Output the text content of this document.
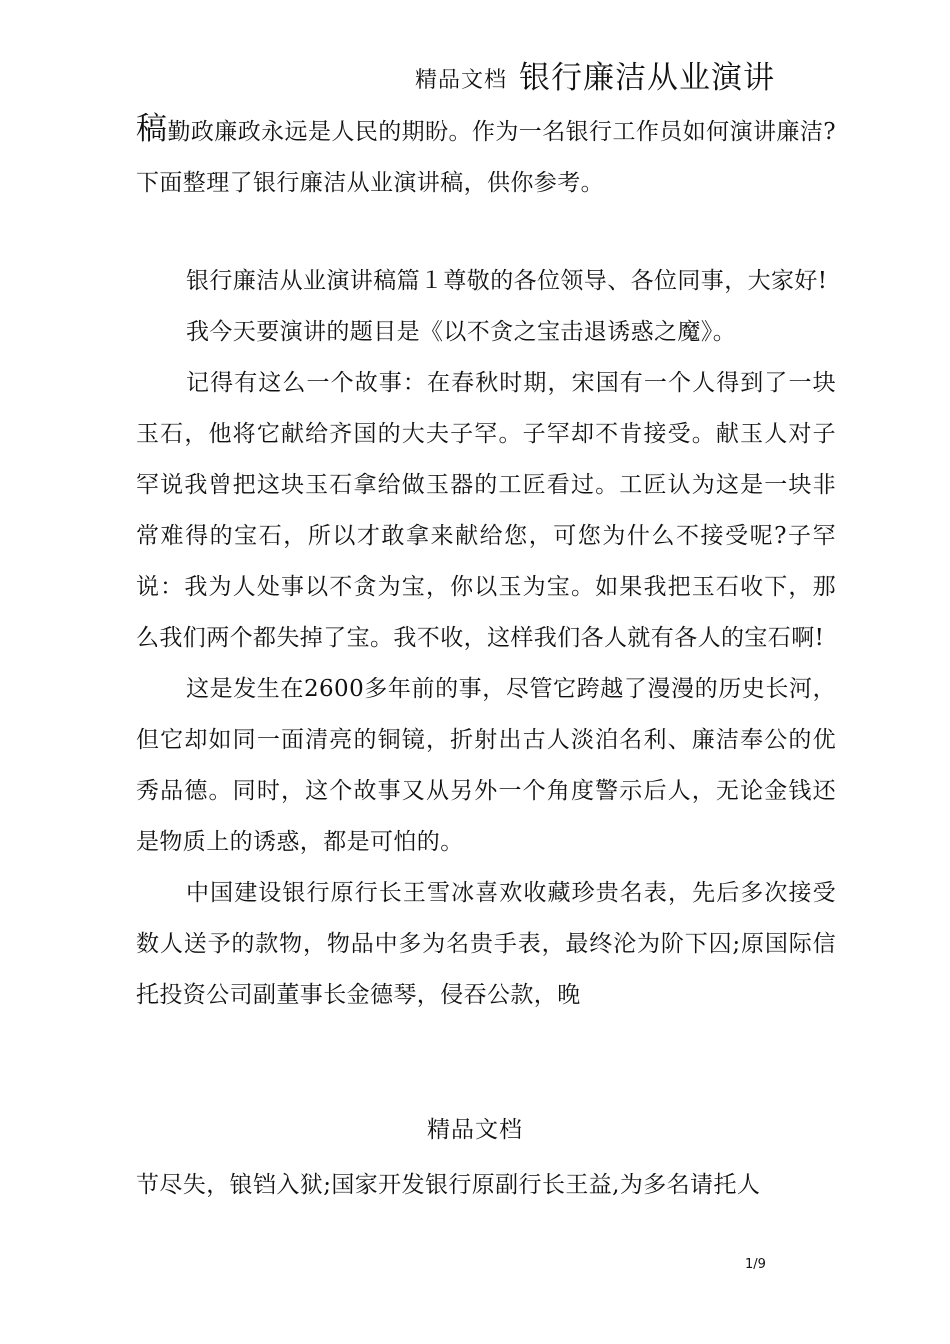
精品文档 银行廉洁从业演讲
稿勤政廉政永远是人民的期盼。作为一名银行工作员如何演讲廉洁?下面整理了银行廉洁从业演讲稿，供你参考。

银行廉洁从业演讲稿篇１尊敬的各位领导、各位同事，大家好!

我今天要演讲的题目是《以不贪之宝击退诱惑之魔》。

记得有这么一个故事：在春秋时期，宋国有一个人得到了一块玉石，他将它献给齐国的大夫子罕。子罕却不肯接受。献玉人对子罕说我曾把这块玉石拿给做玉器的工匠看过。工匠认为这是一块非常难得的宝石，所以才敢拿来献给您，可您为什么不接受呢?子罕说：我为人处事以不贪为宝，你以玉为宝。如果我把玉石收下，那么我们两个都失掉了宝。我不收，这样我们各人就有各人的宝石啊!

这是发生在2600多年前的事，尽管它跨越了漫漫的历史长河，但它却如同一面清亮的铜镜，折射出古人淡泊名利、廉洁奉公的优秀品德。同时，这个故事又从另外一个角度警示后人，无论金钱还是物质上的诱惑，都是可怕的。

中国建设银行原行长王雪冰喜欢收藏珍贵名表，先后多次接受数人送予的款物，物品中多为名贵手表，最终沦为阶下囚;原国际信托投资公司副董事长金德琴，侵吞公款，晚

精品文档
节尽失，锒铛入狱;国家开发银行原副行长王益,为多名请托人
1/9
